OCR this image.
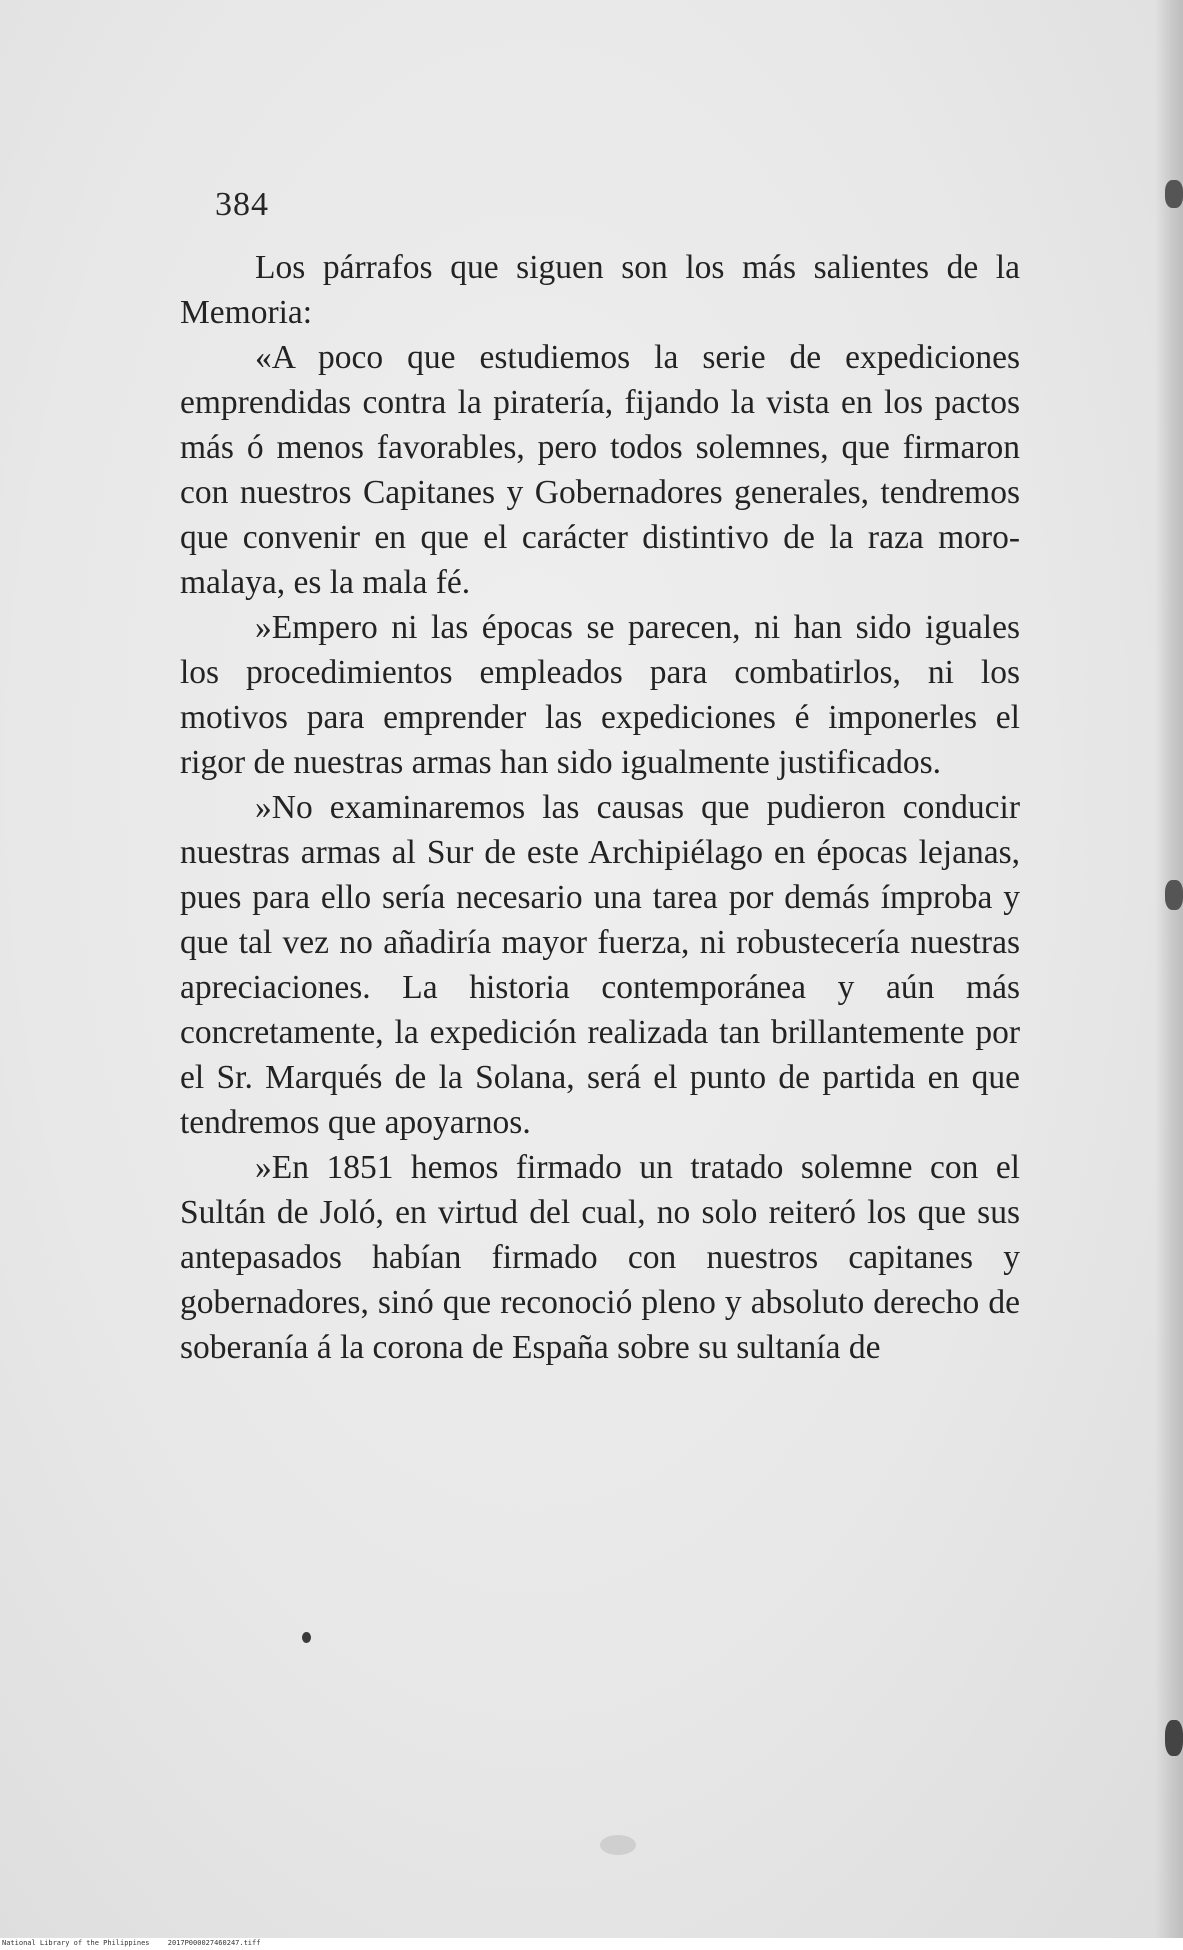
384

Los párrafos que siguen son los más salientes de la Memoria:

«A poco que estudiemos la serie de expediciones emprendidas contra la piratería, fijando la vista en los pactos más ó menos favorables, pero todos solemnes, que firmaron con nuestros Capitanes y Gobernadores generales, tendremos que convenir en que el carácter distintivo de la raza moro-malaya, es la mala fé.

»Empero ni las épocas se parecen, ni han sido iguales los procedimientos empleados para combatirlos, ni los motivos para emprender las expediciones é imponerles el rigor de nuestras armas han sido igualmente justificados.

»No examinaremos las causas que pudieron conducir nuestras armas al Sur de este Archipiélago en épocas lejanas, pues para ello sería necesario una tarea por demás ímproba y que tal vez no añadiría mayor fuerza, ni robustecería nuestras apreciaciones. La historia contemporánea y aún más concretamente, la expedición realizada tan brillantemente por el Sr. Marqués de la Solana, será el punto de partida en que tendremos que apoyarnos.

»En 1851 hemos firmado un tratado solemne con el Sultán de Joló, en virtud del cual, no solo reiteró los que sus antepasados habían firmado con nuestros capitanes y gobernadores, sinó que reconoció pleno y absoluto derecho de soberanía á la corona de España sobre su sultanía de

National Library of the Philippines	2017P000027460247.tiff
